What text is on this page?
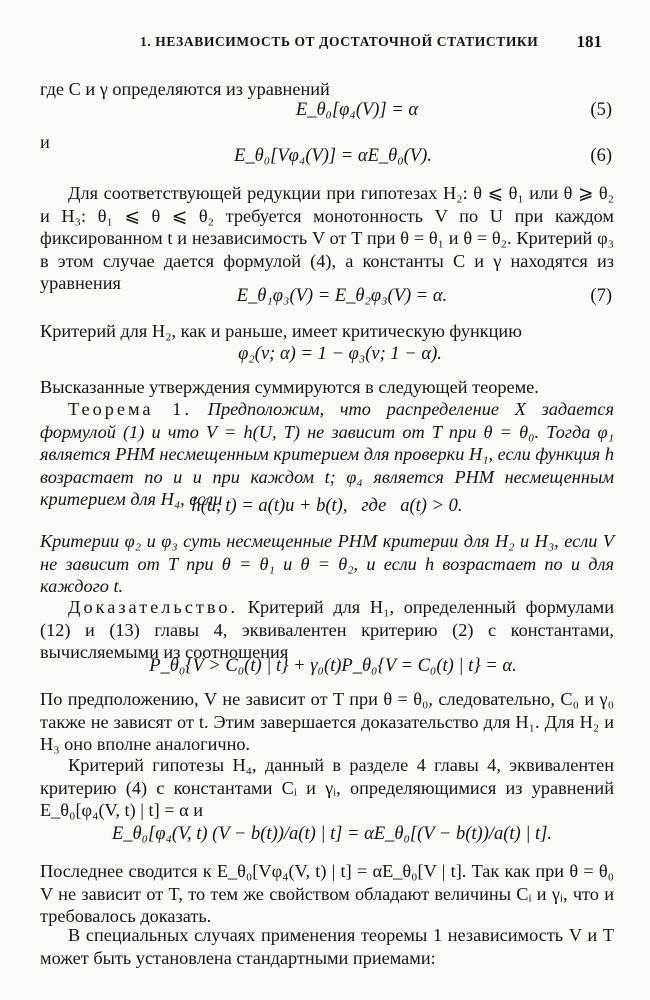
1. НЕЗАВИСИМОСТЬ ОТ ДОСТАТОЧНОЙ СТАТИСТИКИ 181

где C и γ определяются из уравнений

E_θ₀[φ₄(V)] = α	(5)
и
E_θ₀[Vφ₄(V)] = αE_θ₀(V).	(6)

Для соответствующей редукции при гипотезах H₂: θ ⩽ θ₁ или θ ⩾ θ₂ и H₃: θ₁ ⩽ θ ⩽ θ₂ требуется монотонность V по U при каждом фиксированном t и независимость V от T при θ = θ₁ и θ = θ₂. Критерий φ₃ в этом случае дается формулой (4), а константы C и γ находятся из уравнения

E_θ₁φ₃(V) = E_θ₂φ₃(V) = α.	(7)

Критерий для H₂, как и раньше, имеет критическую функцию

φ₂(v; α) = 1 − φ₃(v; 1 − α).

Высказанные утверждения суммируются в следующей теореме.

Теорема 1. Предположим, что распределение X задается формулой (1) и что V = h(U, T) не зависит от T при θ = θ₀. Тогда φ₁ является РНМ несмещенным критерием для проверки H₁, если функция h возрастает по u и при каждом t; φ₄ является РНМ несмещенным критерием для H₄, если

h(u, t) = a(t)u + b(t),   где   a(t) > 0.

Критерии φ₂ и φ₃ суть несмещенные РНМ критерии для H₂ и H₃, если V не зависит от T при θ = θ₁ и θ = θ₂, и если h возрастает по u для каждого t.

Доказательство. Критерий для H₁, определенный формулами (12) и (13) главы 4, эквивалентен критерию (2) с константами, вычисляемыми из соотношения

P_θ₀{V > C₀(t) | t} + γ₀(t)P_θ₀{V = C₀(t) | t} = α.

По предположению, V не зависит от T при θ = θ₀, следовательно, C₀ и γ₀ также не зависят от t. Этим завершается доказательство для H₁. Для H₂ и H₃ оно вполне аналогично.

Критерий гипотезы H₄, данный в разделе 4 главы 4, эквивалентен критерию (4) с константами Cᵢ и γᵢ, определяющимися из уравнений E_θ₀[φ₄(V, t) | t] = α и

E_θ₀[φ₄(V, t) (V − b(t))/a(t) | t] = αE_θ₀[(V − b(t))/a(t) | t].

Последнее сводится к E_θ₀[Vφ₄(V, t) | t] = αE_θ₀[V | t]. Так как при θ = θ₀ V не зависит от T, то тем же свойством обладают величины Cᵢ и γᵢ, что и требовалось доказать.

В специальных случаях применения теоремы 1 независимость V и T может быть установлена стандартными приемами:
